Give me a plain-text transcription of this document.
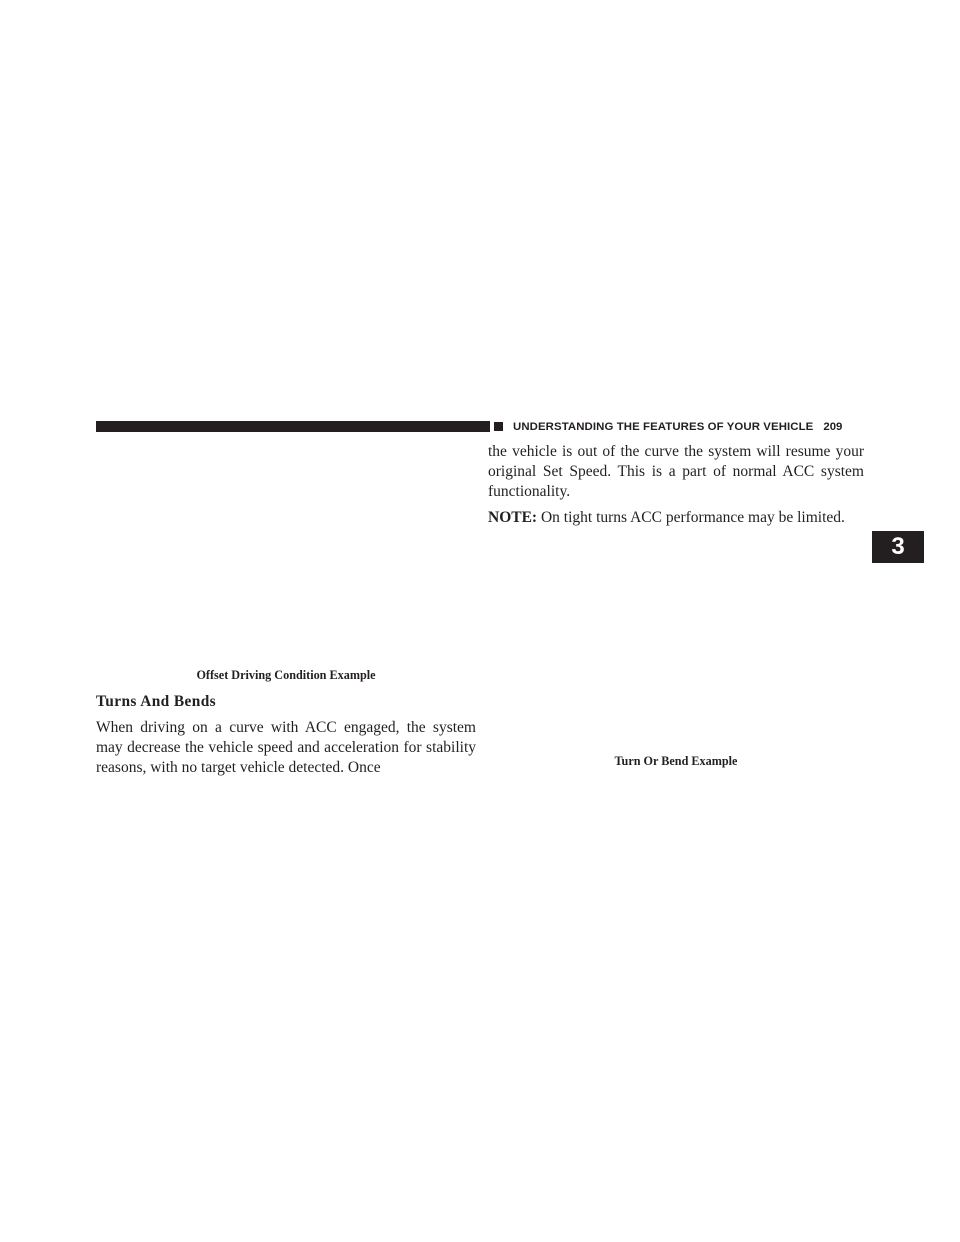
UNDERSTANDING THE FEATURES OF YOUR VEHICLE 209
Offset Driving Condition Example
Turns And Bends

When driving on a curve with ACC engaged, the system may decrease the vehicle speed and acceleration for stability reasons, with no target vehicle detected. Once

the vehicle is out of the curve the system will resume your original Set Speed. This is a part of normal ACC system functionality.

NOTE: On tight turns ACC performance may be limited.

Turn Or Bend Example
3
